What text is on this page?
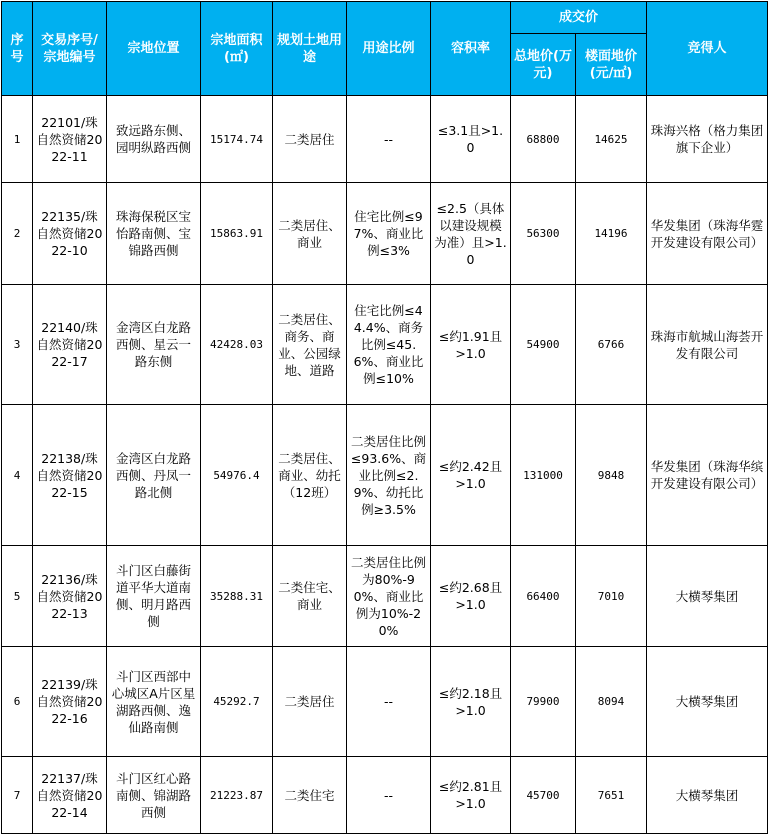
序号	交易序号/宗地编号	宗地位置	宗地面积(㎡)	规划土地用途	用途比例	容积率	成交价		竞得人
							总地价(万元)	楼面地价(元/㎡)	
1	22101/珠自然资储2022-11	致远路东侧、园明纵路西侧	15174.74	二类居住	--	≤3.1且>1.0	68800	14625	珠海兴格（格力集团旗下企业）
2	22135/珠自然资储2022-10	珠海保税区宝怡路南侧、宝锦路西侧	15863.91	二类居住、商业	住宅比例≤97%、商业比例≤3%	≤2.5（具体以建设规模为准）且>1.0	56300	14196	华发集团（珠海华霆开发建设有限公司）
3	22140/珠自然资储2022-17	金湾区白龙路西侧、星云一路东侧	42428.03	二类居住、商务、商业、公园绿地、道路	住宅比例≤44.4%、商务比例≤45.6%、商业比例≤10%	≤约1.91且>1.0	54900	6766	珠海市航城山海荟开发有限公司
4	22138/珠自然资储2022-15	金湾区白龙路西侧、丹凤一路北侧	54976.4	二类居住、商业、幼托（12班）	二类居住比例≤93.6%、商业比例≤2.9%、幼托比例≥3.5%	≤约2.42且>1.0	131000	9848	华发集团（珠海华缤开发建设有限公司）
5	22136/珠自然资储2022-13	斗门区白藤街道平华大道南侧、明月路西侧	35288.31	二类住宅、商业	二类居住比例为80%-90%、商业比例为10%-20%	≤约2.68且>1.0	66400	7010	大横琴集团
6	22139/珠自然资储2022-16	斗门区西部中心城区A片区星湖路西侧、逸仙路南侧	45292.7	二类居住	--	≤约2.18且>1.0	79900	8094	大横琴集团
7	22137/珠自然资储2022-14	斗门区红心路南侧、锦湖路西侧	21223.87	二类住宅	--	≤约2.81且>1.0	45700	7651	大横琴集团
